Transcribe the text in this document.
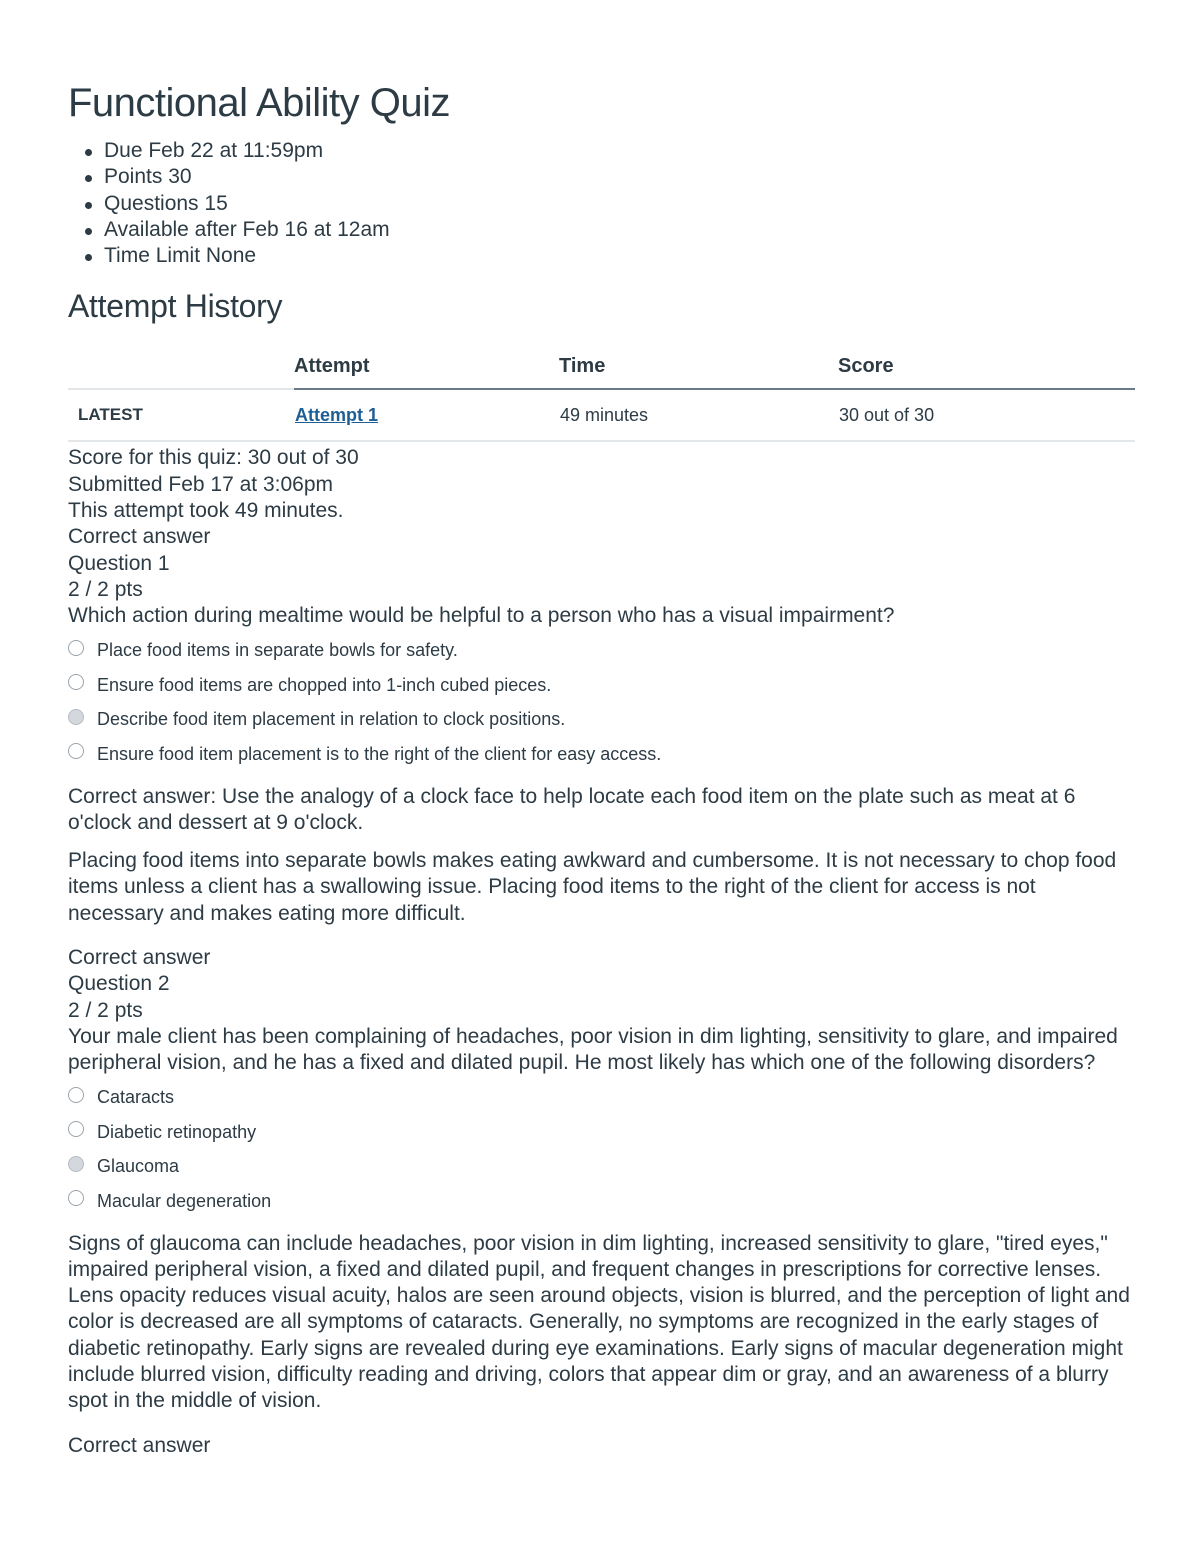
Functional Ability Quiz
Due Feb 22 at 11:59pm
Points 30
Questions 15
Available after Feb 16 at 12am
Time Limit None
Attempt History
	Attempt	Time	Score
LATEST	Attempt 1	49 minutes	30 out of 30
Score for this quiz: 30 out of 30
Submitted Feb 17 at 3:06pm
This attempt took 49 minutes.
Correct answer
Question 1
2 / 2 pts
Which action during mealtime would be helpful to a person who has a visual impairment?
Place food items in separate bowls for safety.
Ensure food items are chopped into 1-inch cubed pieces.
Describe food item placement in relation to clock positions.
Ensure food item placement is to the right of the client for easy access.
Correct answer: Use the analogy of a clock face to help locate each food item on the plate such as meat at 6 o'clock and dessert at 9 o'clock.
Placing food items into separate bowls makes eating awkward and cumbersome. It is not necessary to chop food items unless a client has a swallowing issue. Placing food items to the right of the client for access is not necessary and makes eating more difficult.
Correct answer
Question 2
2 / 2 pts
Your male client has been complaining of headaches, poor vision in dim lighting, sensitivity to glare, and impaired peripheral vision, and he has a fixed and dilated pupil. He most likely has which one of the following disorders?
Cataracts
Diabetic retinopathy
Glaucoma
Macular degeneration
Signs of glaucoma can include headaches, poor vision in dim lighting, increased sensitivity to glare, "tired eyes," impaired peripheral vision, a fixed and dilated pupil, and frequent changes in prescriptions for corrective lenses. Lens opacity reduces visual acuity, halos are seen around objects, vision is blurred, and the perception of light and color is decreased are all symptoms of cataracts. Generally, no symptoms are recognized in the early stages of diabetic retinopathy. Early signs are revealed during eye examinations. Early signs of macular degeneration might include blurred vision, difficulty reading and driving, colors that appear dim or gray, and an awareness of a blurry spot in the middle of vision.
Correct answer
